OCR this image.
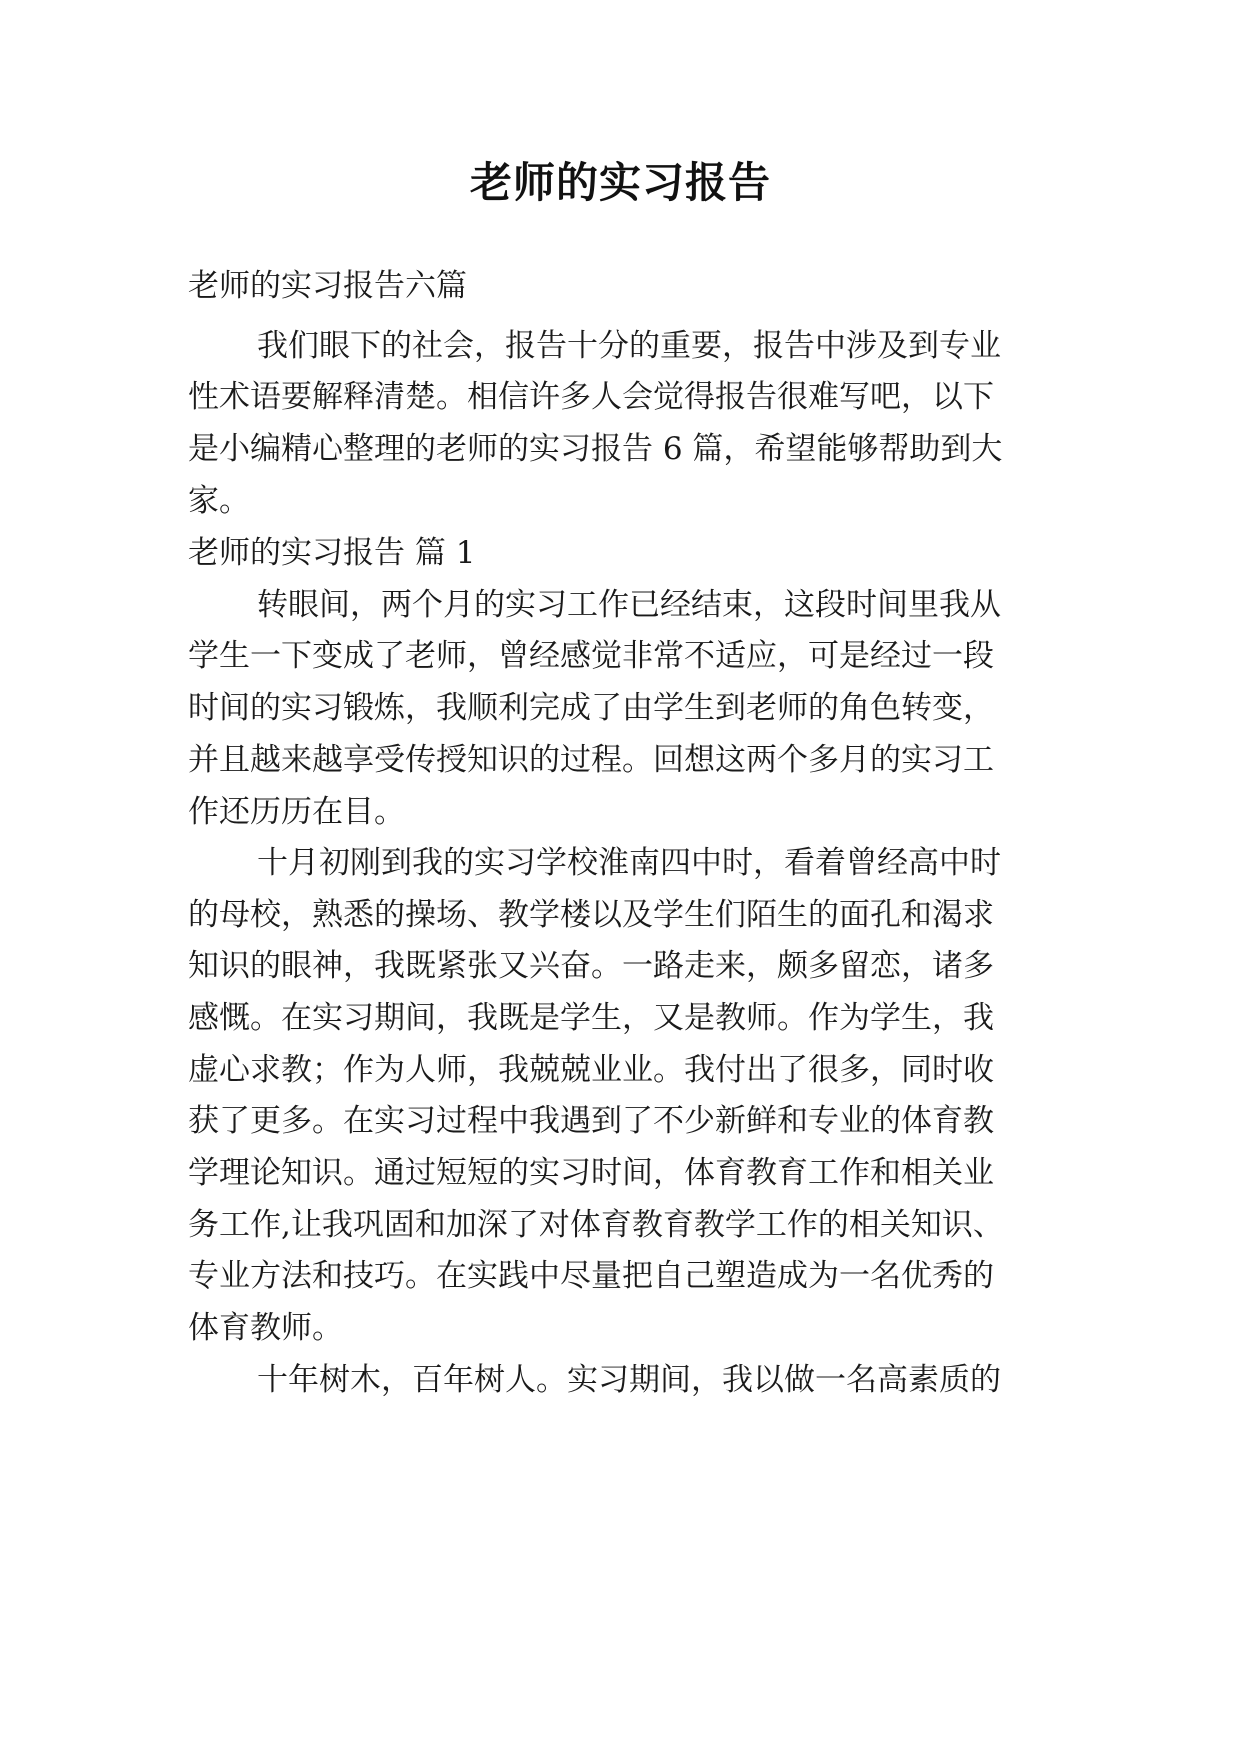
老师的实习报告
老师的实习报告六篇
我们眼下的社会，报告十分的重要，报告中涉及到专业
性术语要解释清楚。相信许多人会觉得报告很难写吧，以下
是小编精心整理的老师的实习报告 6 篇，希望能够帮助到大
家。
老师的实习报告 篇 1
转眼间，两个月的实习工作已经结束，这段时间里我从
学生一下变成了老师，曾经感觉非常不适应，可是经过一段
时间的实习锻炼，我顺利完成了由学生到老师的角色转变，
并且越来越享受传授知识的过程。回想这两个多月的实习工
作还历历在目。
十月初刚到我的实习学校淮南四中时，看着曾经高中时
的母校，熟悉的操场、教学楼以及学生们陌生的面孔和渴求
知识的眼神，我既紧张又兴奋。一路走来，颇多留恋，诸多
感慨。在实习期间，我既是学生，又是教师。作为学生，我
虚心求教；作为人师，我兢兢业业。我付出了很多，同时收
获了更多。在实习过程中我遇到了不少新鲜和专业的体育教
学理论知识。通过短短的实习时间，体育教育工作和相关业
务工作,让我巩固和加深了对体育教育教学工作的相关知识、
专业方法和技巧。在实践中尽量把自己塑造成为一名优秀的
体育教师。
十年树木，百年树人。实习期间，我以做一名高素质的
